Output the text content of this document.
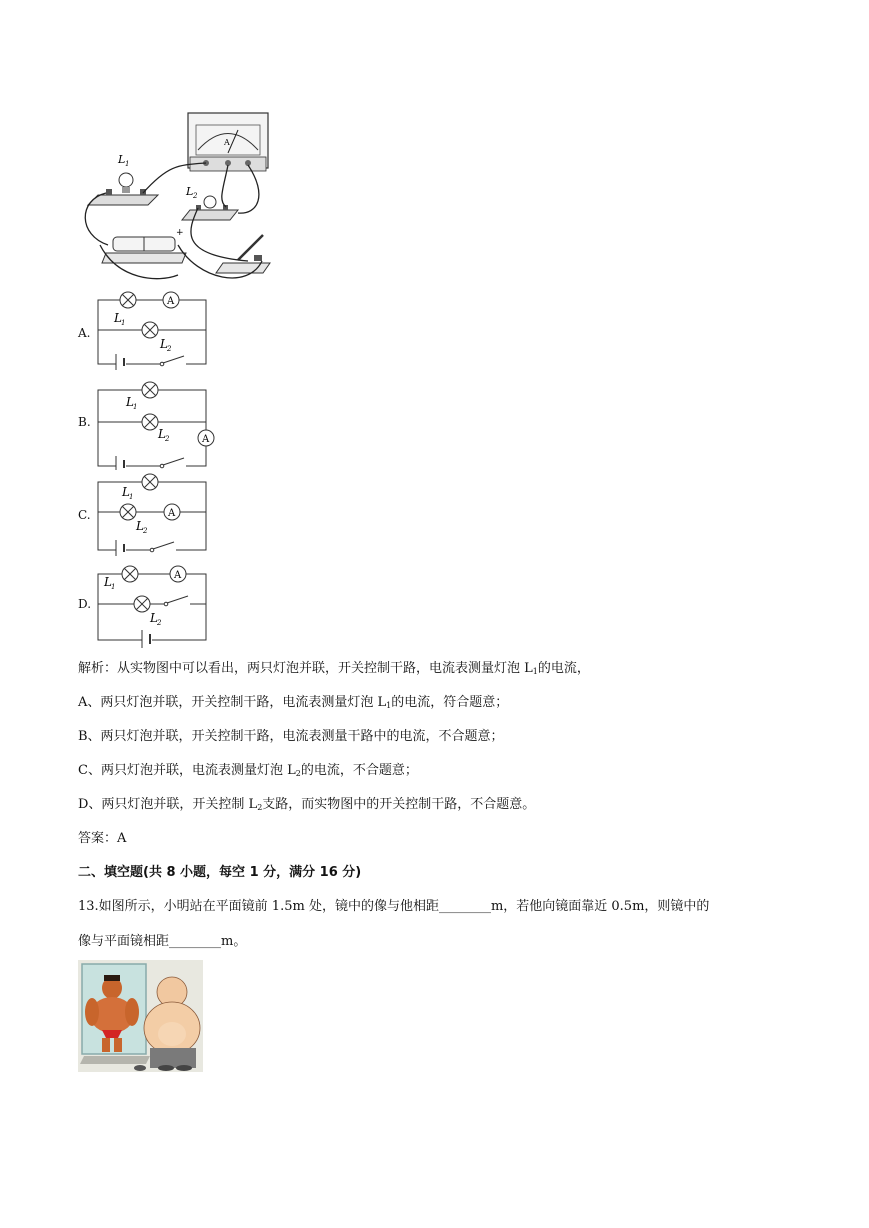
A
L 1
L 2
+
A.
A
L 1
L 2
B.
A
L 1
L 2
C.	A
L 1
L 2
D.
A
L 1
L 2
解析：从实物图中可以看出，两只灯泡并联，开关控制干路，电流表测量灯泡 $L_1$的电流，
A、两只灯泡并联，开关控制干路，电流表测量灯泡 $L_1$的电流，符合题意；
B、两只灯泡并联，开关控制干路，电流表测量干路中的电流，不合题意；
C、两只灯泡并联，电流表测量灯泡 $L_2$的电流，不合题意；
D、两只灯泡并联，开关控制 $L_2$支路，而实物图中的开关控制干路，不合题意。
答案：A
二、填空题(共 8 小题，每空 1 分，满分 16 分)
13.如图所示，小明站在平面镜前 1.5m 处，镜中的像与他相距________m，若他向镜面靠近 0.5m，则镜中的
像与平面镜相距________m。
